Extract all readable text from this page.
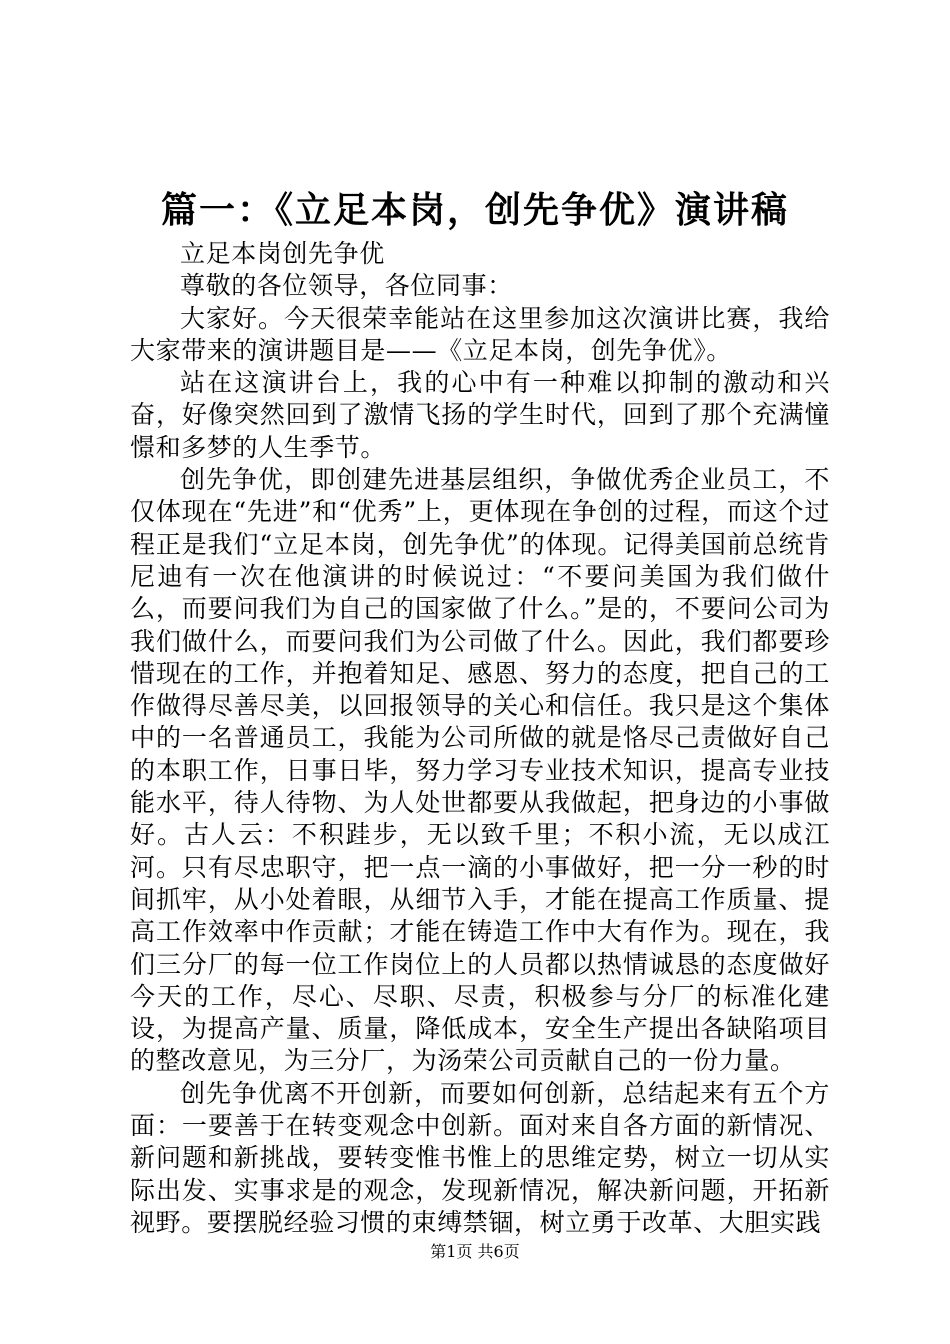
篇一：《立足本岗，创先争优》演讲稿

立足本岗创先争优

尊敬的各位领导，各位同事：

大家好。今天很荣幸能站在这里参加这次演讲比赛，我给大家带来的演讲题目是——《立足本岗，创先争优》。

站在这演讲台上，我的心中有一种难以抑制的激动和兴奋，好像突然回到了激情飞扬的学生时代，回到了那个充满憧憬和多梦的人生季节。

创先争优，即创建先进基层组织，争做优秀企业员工，不仅体现在“先进”和“优秀”上，更体现在争创的过程，而这个过程正是我们“立足本岗，创先争优”的体现。记得美国前总统肯尼迪有一次在他演讲的时候说过：“不要问美国为我们做什么，而要问我们为自己的国家做了什么。”是的，不要问公司为我们做什么，而要问我们为公司做了什么。因此，我们都要珍惜现在的工作，并抱着知足、感恩、努力的态度，把自己的工作做得尽善尽美，以回报领导的关心和信任。我只是这个集体中的一名普通员工，我能为公司所做的就是恪尽己责做好自己的本职工作，日事日毕，努力学习专业技术知识，提高专业技能水平，待人待物、为人处世都要从我做起，把身边的小事做好。古人云：不积跬步，无以致千里；不积小流，无以成江河。只有尽忠职守，把一点一滴的小事做好，把一分一秒的时间抓牢，从小处着眼，从细节入手，才能在提高工作质量、提高工作效率中作贡献；才能在铸造工作中大有作为。现在，我们三分厂的每一位工作岗位上的人员都以热情诚恳的态度做好今天的工作，尽心、尽职、尽责，积极参与分厂的标准化建设，为提高产量、质量，降低成本，安全生产提出各缺陷项目的整改意见，为三分厂，为汤荣公司贡献自己的一份力量。

创先争优离不开创新，而要如何创新，总结起来有五个方面：一要善于在转变观念中创新。面对来自各方面的新情况、新问题和新挑战，要转变惟书惟上的思维定势，树立一切从实际出发、实事求是的观念，发现新情况，解决新问题，开拓新视野。要摆脱经验习惯的束缚禁锢，树立勇于改革、大胆实践

第1页 共6页
